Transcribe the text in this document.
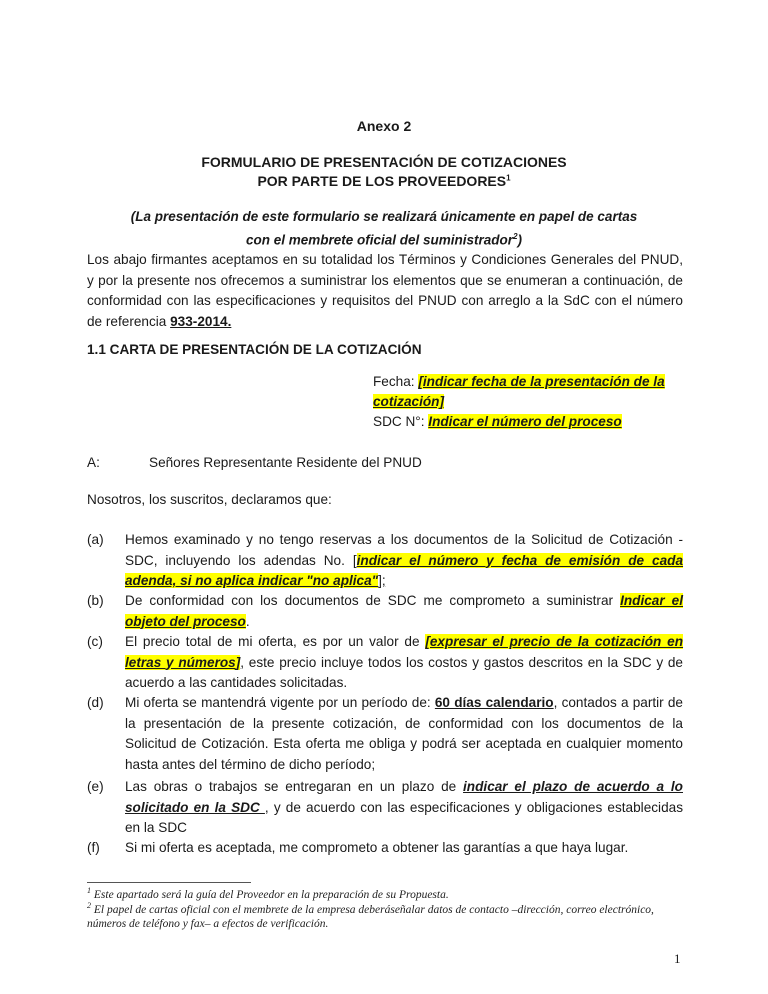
Anexo 2
FORMULARIO DE PRESENTACIÓN DE COTIZACIONES
POR PARTE DE LOS PROVEEDORES$^1$
(La presentación de este formulario se realizará únicamente en papel de cartas
con el membrete oficial del suministrador$^2$)
Los abajo firmantes aceptamos en su totalidad los Términos y Condiciones Generales del PNUD, y por la presente nos ofrecemos a suministrar los elementos que se enumeran a continuación, de conformidad con las especificaciones y requisitos del PNUD con arreglo a la SdC con el número de referencia 933-2014.
1.1 CARTA DE PRESENTACIÓN DE LA COTIZACIÓN
Fecha: [indicar fecha de la presentación de la cotización]
SDC N°: Indicar el número del proceso
A:	Señores Representante Residente del PNUD
Nosotros, los suscritos, declaramos que:
(a)	Hemos examinado y no tengo reservas a los documentos de la Solicitud de Cotización - SDC, incluyendo los adendas No. [indicar el número y fecha de emisión de cada adenda, si no aplica indicar "no aplica"];
(b)	De conformidad con los documentos de SDC me comprometo a suministrar Indicar el objeto del proceso.
(c)	El precio total de mi oferta, es por un valor de [expresar el precio de la cotización en letras y números], este precio incluye todos los costos y gastos descritos en la SDC y de acuerdo a las cantidades solicitadas.
(d)	Mi oferta se mantendrá vigente por un período de: 60 días calendario, contados a partir de la presentación de la presente cotización, de conformidad con los documentos de la Solicitud de Cotización. Esta oferta me obliga y podrá ser aceptada en cualquier momento hasta antes del término de dicho período;
(e)	Las obras o trabajos se entregaran en un plazo de indicar el plazo de acuerdo a lo solicitado en la SDC , y de acuerdo con las especificaciones y obligaciones establecidas en la SDC
(f)	Si mi oferta es aceptada, me comprometo a obtener las garantías a que haya lugar.
$^1$ Este apartado será la guía del Proveedor en la preparación de su Propuesta.
$^2$ El papel de cartas oficial con el membrete de la empresa deberáseñalar datos de contacto –dirección, correo electrónico, números de teléfono y fax– a efectos de verificación.
1
